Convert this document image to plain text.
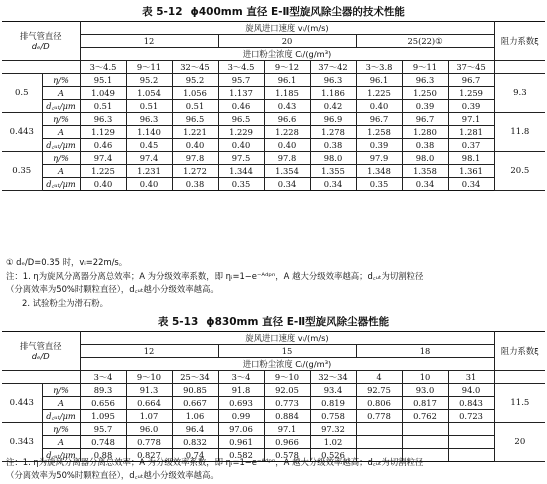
表 5-12 ϕ400mm 直径 E-Ⅱ型旋风除尘器的技术性能
排气管直径
dₑ/D		旋风进口速度 vᵢ/(m/s)									阻力系数ξ
		12			20			25(22)①			
		进口粉尘浓度 Cᵢ/(g/m³)									
		3～4.5	9～11	32～45	3～4.5	9～12	37～42	3～3.8	9～11	37～45	
0.5	η/%	95.1	95.2	95.2	95.7	96.1	96.3	96.1	96.3	96.7	9.3
	A	1.049	1.054	1.056	1.137	1.185	1.186	1.225	1.250	1.259	
	d꜀ᵤₜ/μm	0.51	0.51	0.51	0.46	0.43	0.42	0.40	0.39	0.39	
0.443	η/%	96.3	96.3	96.5	96.5	96.6	96.9	96.7	96.7	97.1	11.8
	A	1.129	1.140	1.221	1.229	1.228	1.278	1.258	1.280	1.281	
	d꜀ᵤₜ/μm	0.46	0.45	0.40	0.40	0.40	0.38	0.39	0.38	0.37	
0.35	η/%	97.4	97.4	97.8	97.5	97.8	98.0	97.9	98.0	98.1	20.5
	A	1.225	1.231	1.272	1.344	1.354	1.355	1.348	1.358	1.361	
	d꜀ᵤₜ/μm	0.40	0.40	0.38	0.35	0.34	0.34	0.35	0.34	0.34	
① dₑ/D=0.35 时，vᵢ=22m/s。
注：1. η为旋风分离器分离总效率；A 为分级效率系数，即 ηᵢ=1−e⁻ᴬᵈᵖⁿ，A 越大分级效率越高；d꜀ᵤₜ为切割粒径
（分离效率为50%时颗粒直径），d꜀ᵤₜ越小分级效率越高。
2. 试验粉尘为滑石粉。
表 5-13 ϕ830mm 直径 E-Ⅱ型旋风除尘器性能
排气管直径
dₑ/D		旋风进口速度 vᵢ/(m/s)									阻力系数ξ
		12			15			18			
		进口粉尘浓度 Cᵢ/(g/m³)									
		3～4	9～10	25～34	3～4	9～10	32～34	4	10	31	
0.443	η/%	89.3	91.3	90.85	91.8	92.05	93.4	92.75	93.0	94.0	11.5
	A	0.656	0.664	0.667	0.693	0.773	0.819	0.806	0.817	0.843	
	d꜀ᵤₜ/μm	1.095	1.07	1.06	0.99	0.884	0.758	0.778	0.762	0.723	
0.343	η/%	95.7	96.0	96.4	97.06	97.1	97.32				20
	A	0.748	0.778	0.832	0.961	0.966	1.02				
	d꜀ᵤₜ/μm	0.88	0.827	0.74	0.582	0.578	0.526				
注：1. η为旋风分离器分离总效率；A 为分级效率系数，即 ηᵢ=1−e⁻ᴬᵈᵖⁿ，A 越大分级效率越高；d꜀ᵤₜ为切割粒径
（分离效率为50%时颗粒直径），d꜀ᵤₜ越小分级效率越高。
